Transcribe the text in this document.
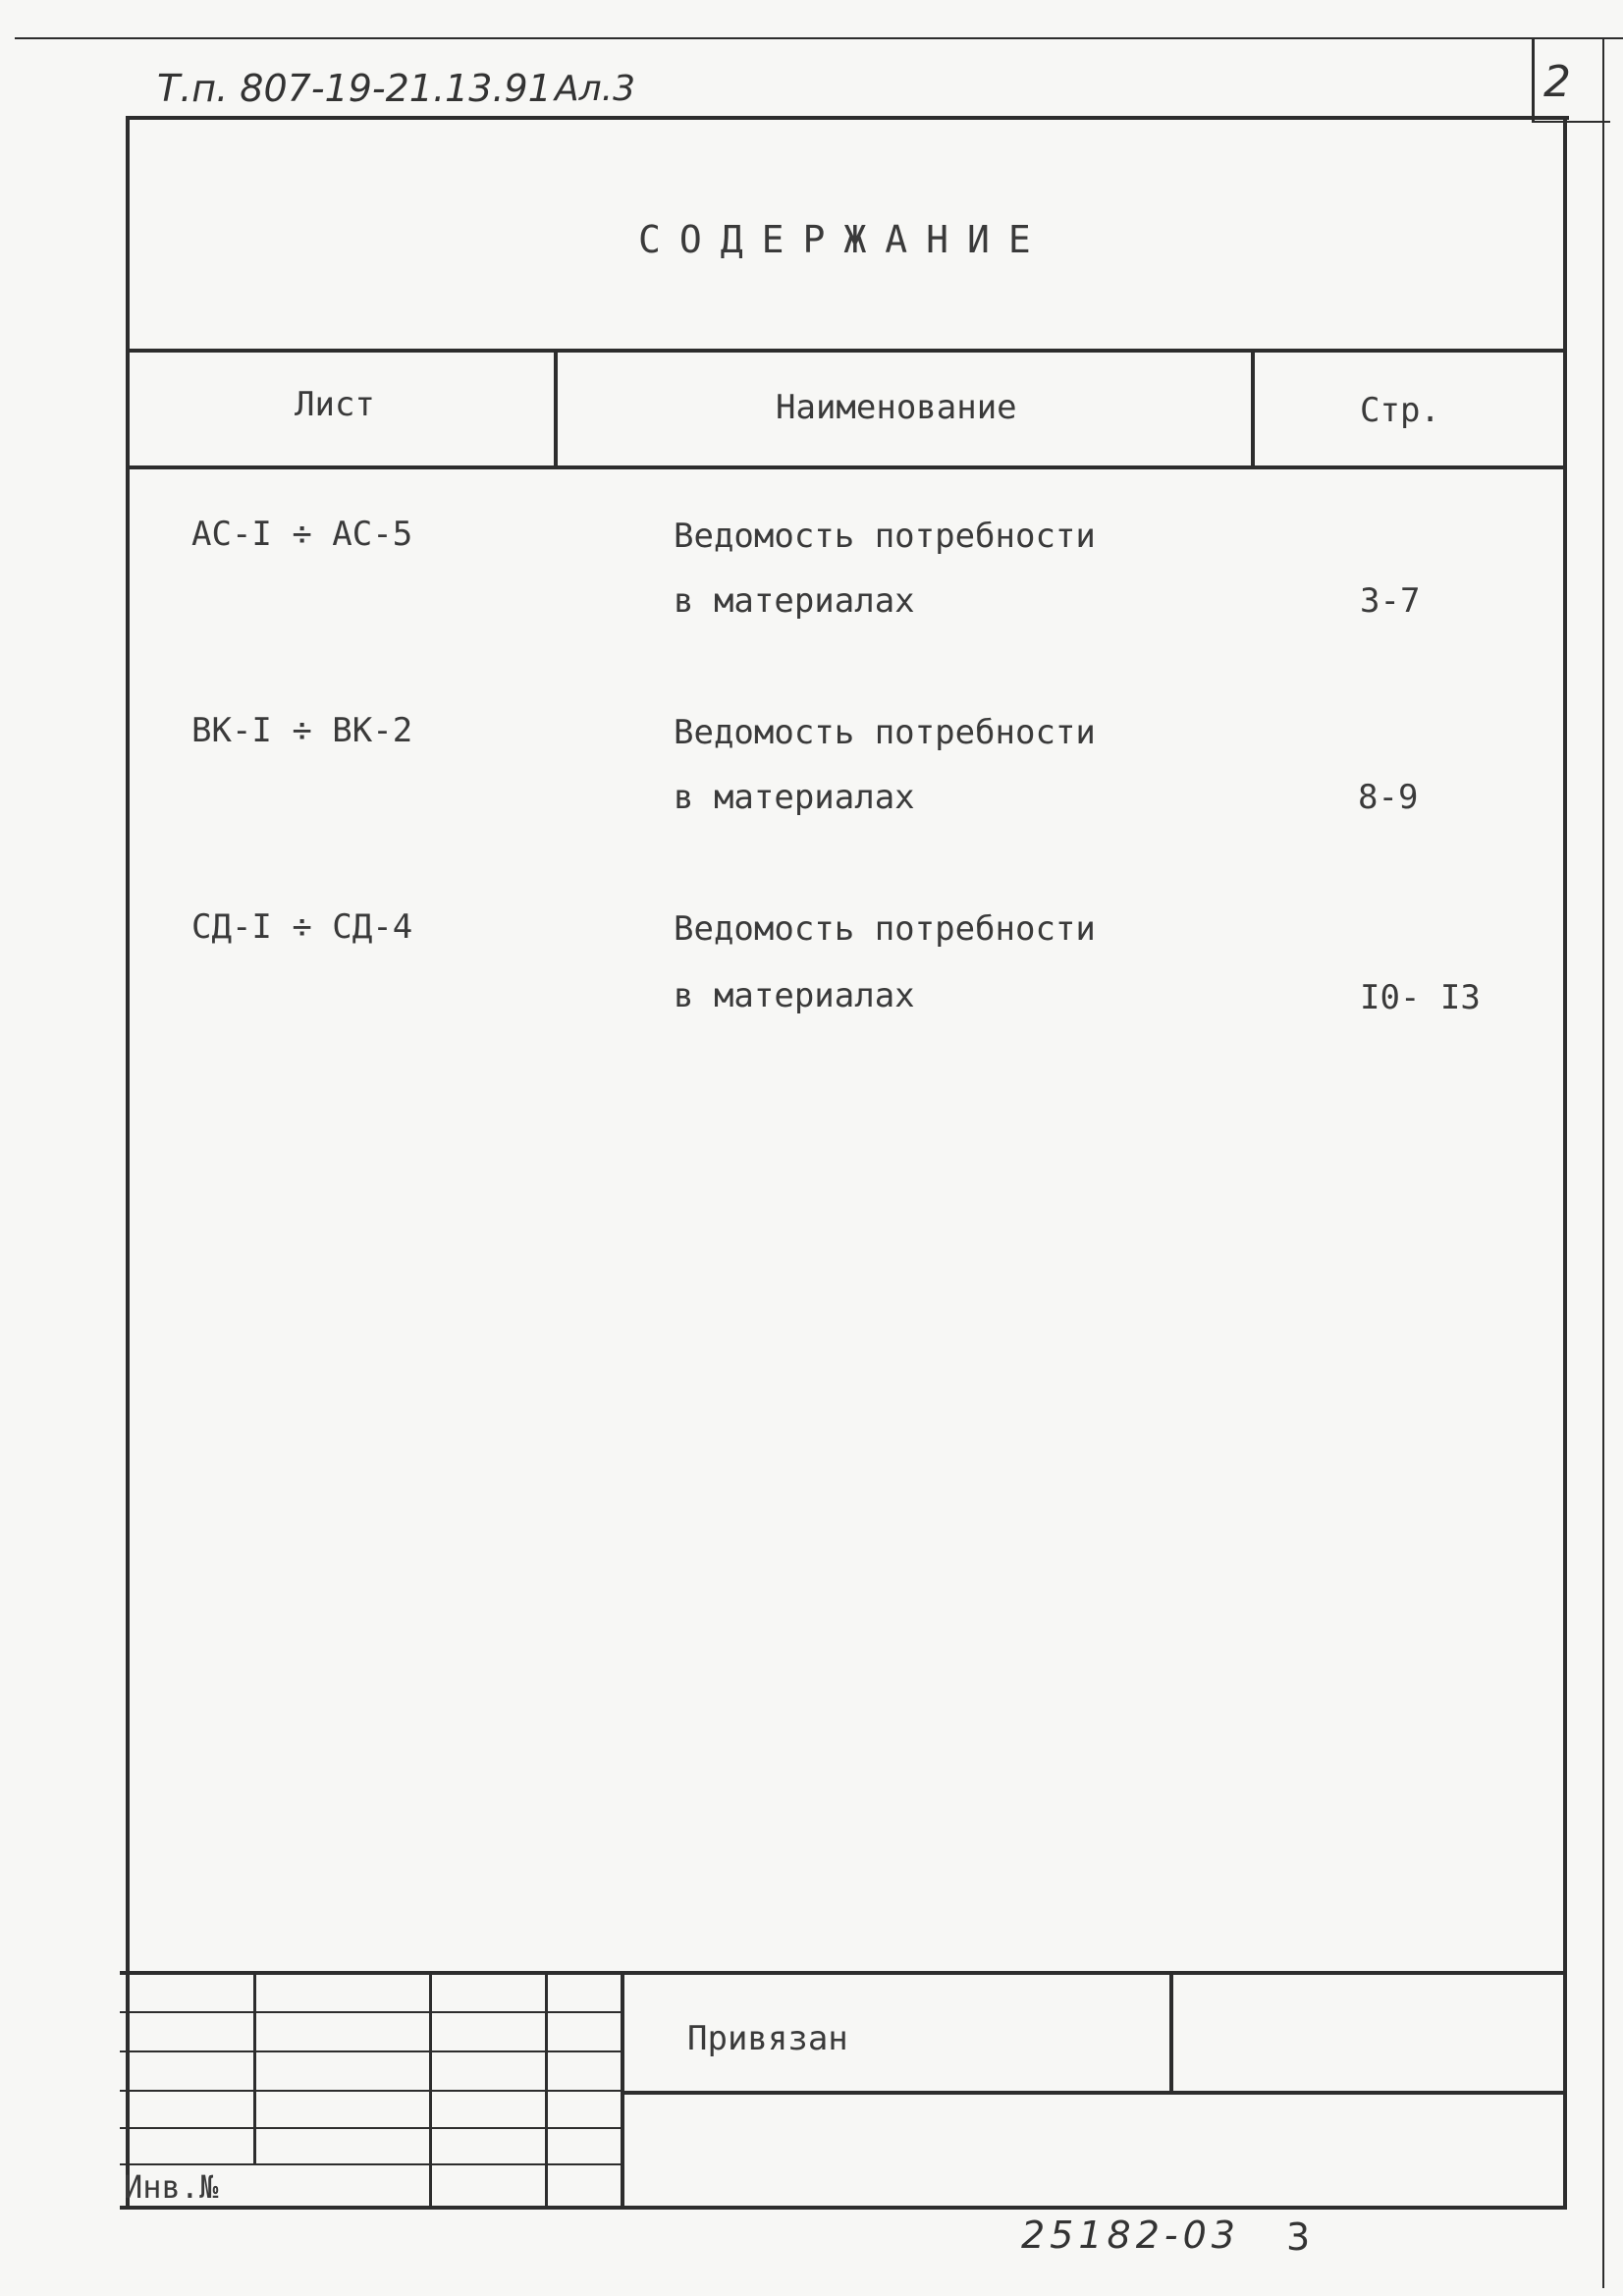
Т.п. 807-19-21.13.91 Ал.3	2
СОДЕРЖАНИЕ
Лист	Наименование	Стр.
АС-I ÷ АС-5	Ведомость потребности
в материалах	3-7
ВК-I ÷ ВК-2	Ведомость потребности
в материалах	8-9
СД-I ÷ СД-4	Ведомость потребности
в материалах	I0- I3
Привязан
Инв.№
25182-03 3
